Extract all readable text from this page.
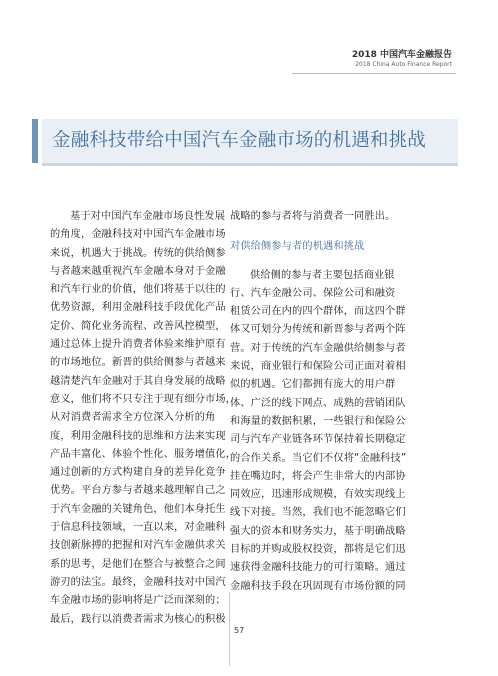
2018 中国汽车金融报告
2018 China Auto Finance Report
金融科技带给中国汽车金融市场的机遇和挑战

基于对中国汽车金融市场良性发展

的角度，金融科技对中国汽车金融市场

来说，机遇大于挑战。传统的供给侧参

与者越来越重视汽车金融本身对于金融

和汽车行业的价值，他们将基于以往的

优势资源，利用金融科技手段优化产品

定价、简化业务流程、改善风控模型，

通过总体上提升消费者体验来维护原有

的市场地位。新晋的供给侧参与者越来

越清楚汽车金融对于其自身发展的战略

意义，他们将不只专注于现有细分市场，

从对消费者需求全方位深入分析的角

度，利用金融科技的思维和方法来实现

产品丰富化、体验个性化、服务增值化，

通过创新的方式构建自身的差异化竞争

优势。平台方参与者越来越理解自己之

于汽车金融的关键角色，他们本身托生

于信息科技领域，一直以来，对金融科

技创新脉搏的把握和对汽车金融供求关

系的思考，是他们在整合与被整合之间

游刃的法宝。最终，金融科技对中国汽

车金融市场的影响将是广泛而深刻的；

最后，践行以消费者需求为核心的积极

战略的参与者将与消费者一同胜出。

对供给侧参与者的机遇和挑战

供给侧的参与者主要包括商业银

行、汽车金融公司、保险公司和融资

租赁公司在内的四个群体，而这四个群

体又可划分为传统和新晋参与者两个阵

营。对于传统的汽车金融供给侧参与者

来说，商业银行和保险公司正面对着相

似的机遇。它们都拥有庞大的用户群

体、广泛的线下网点、成熟的营销团队

和海量的数据积累，一些银行和保险公

司与汽车产业链各环节保持着长期稳定

的合作关系。当它们不仅将“金融科技”

挂在嘴边时，将会产生非常大的内部协

同效应，迅速形成规模，有效实现线上

线下对接。当然，我们也不能忽略它们

强大的资本和财务实力，基于明确战略

目标的并购或股权投资，都将是它们迅

速获得金融科技能力的可行策略。通过

金融科技手段在巩固现有市场份额的同

57
